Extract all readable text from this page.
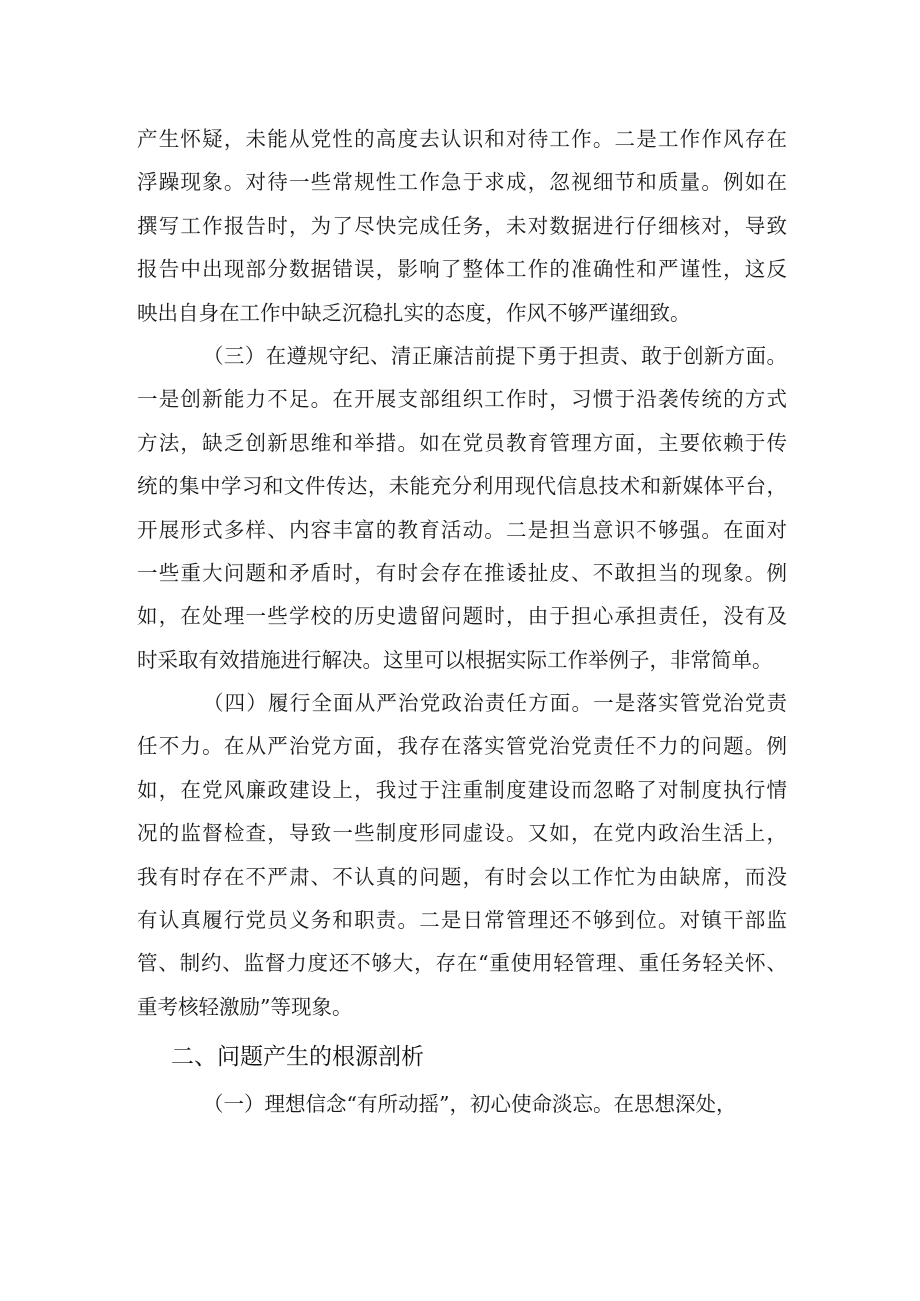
产生怀疑，未能从党性的高度去认识和对待工作。二是工作作风存在
浮躁现象。对待一些常规性工作急于求成，忽视细节和质量。例如在
撰写工作报告时，为了尽快完成任务，未对数据进行仔细核对，导致
报告中出现部分数据错误，影响了整体工作的准确性和严谨性，这反
映出自身在工作中缺乏沉稳扎实的态度，作风不够严谨细致。
（三）在遵规守纪、清正廉洁前提下勇于担责、敢于创新方面。
一是创新能力不足。在开展支部组织工作时，习惯于沿袭传统的方式
方法，缺乏创新思维和举措。如在党员教育管理方面，主要依赖于传
统的集中学习和文件传达，未能充分利用现代信息技术和新媒体平台，
开展形式多样、内容丰富的教育活动。二是担当意识不够强。在面对
一些重大问题和矛盾时，有时会存在推诿扯皮、不敢担当的现象。例
如，在处理一些学校的历史遗留问题时，由于担心承担责任，没有及
时采取有效措施进行解决。这里可以根据实际工作举例子，非常简单。
（四）履行全面从严治党政治责任方面。一是落实管党治党责
任不力。在从严治党方面，我存在落实管党治党责任不力的问题。例
如，在党风廉政建设上，我过于注重制度建设而忽略了对制度执行情
况的监督检查，导致一些制度形同虚设。又如，在党内政治生活上，
我有时存在不严肃、不认真的问题，有时会以工作忙为由缺席，而没
有认真履行党员义务和职责。二是日常管理还不够到位。对镇干部监
管、制约、监督力度还不够大，存在“重使用轻管理、重任务轻关怀、
重考核轻激励”等现象。
二、问题产生的根源剖析
（一）理想信念“有所动摇”，初心使命淡忘。在思想深处，
